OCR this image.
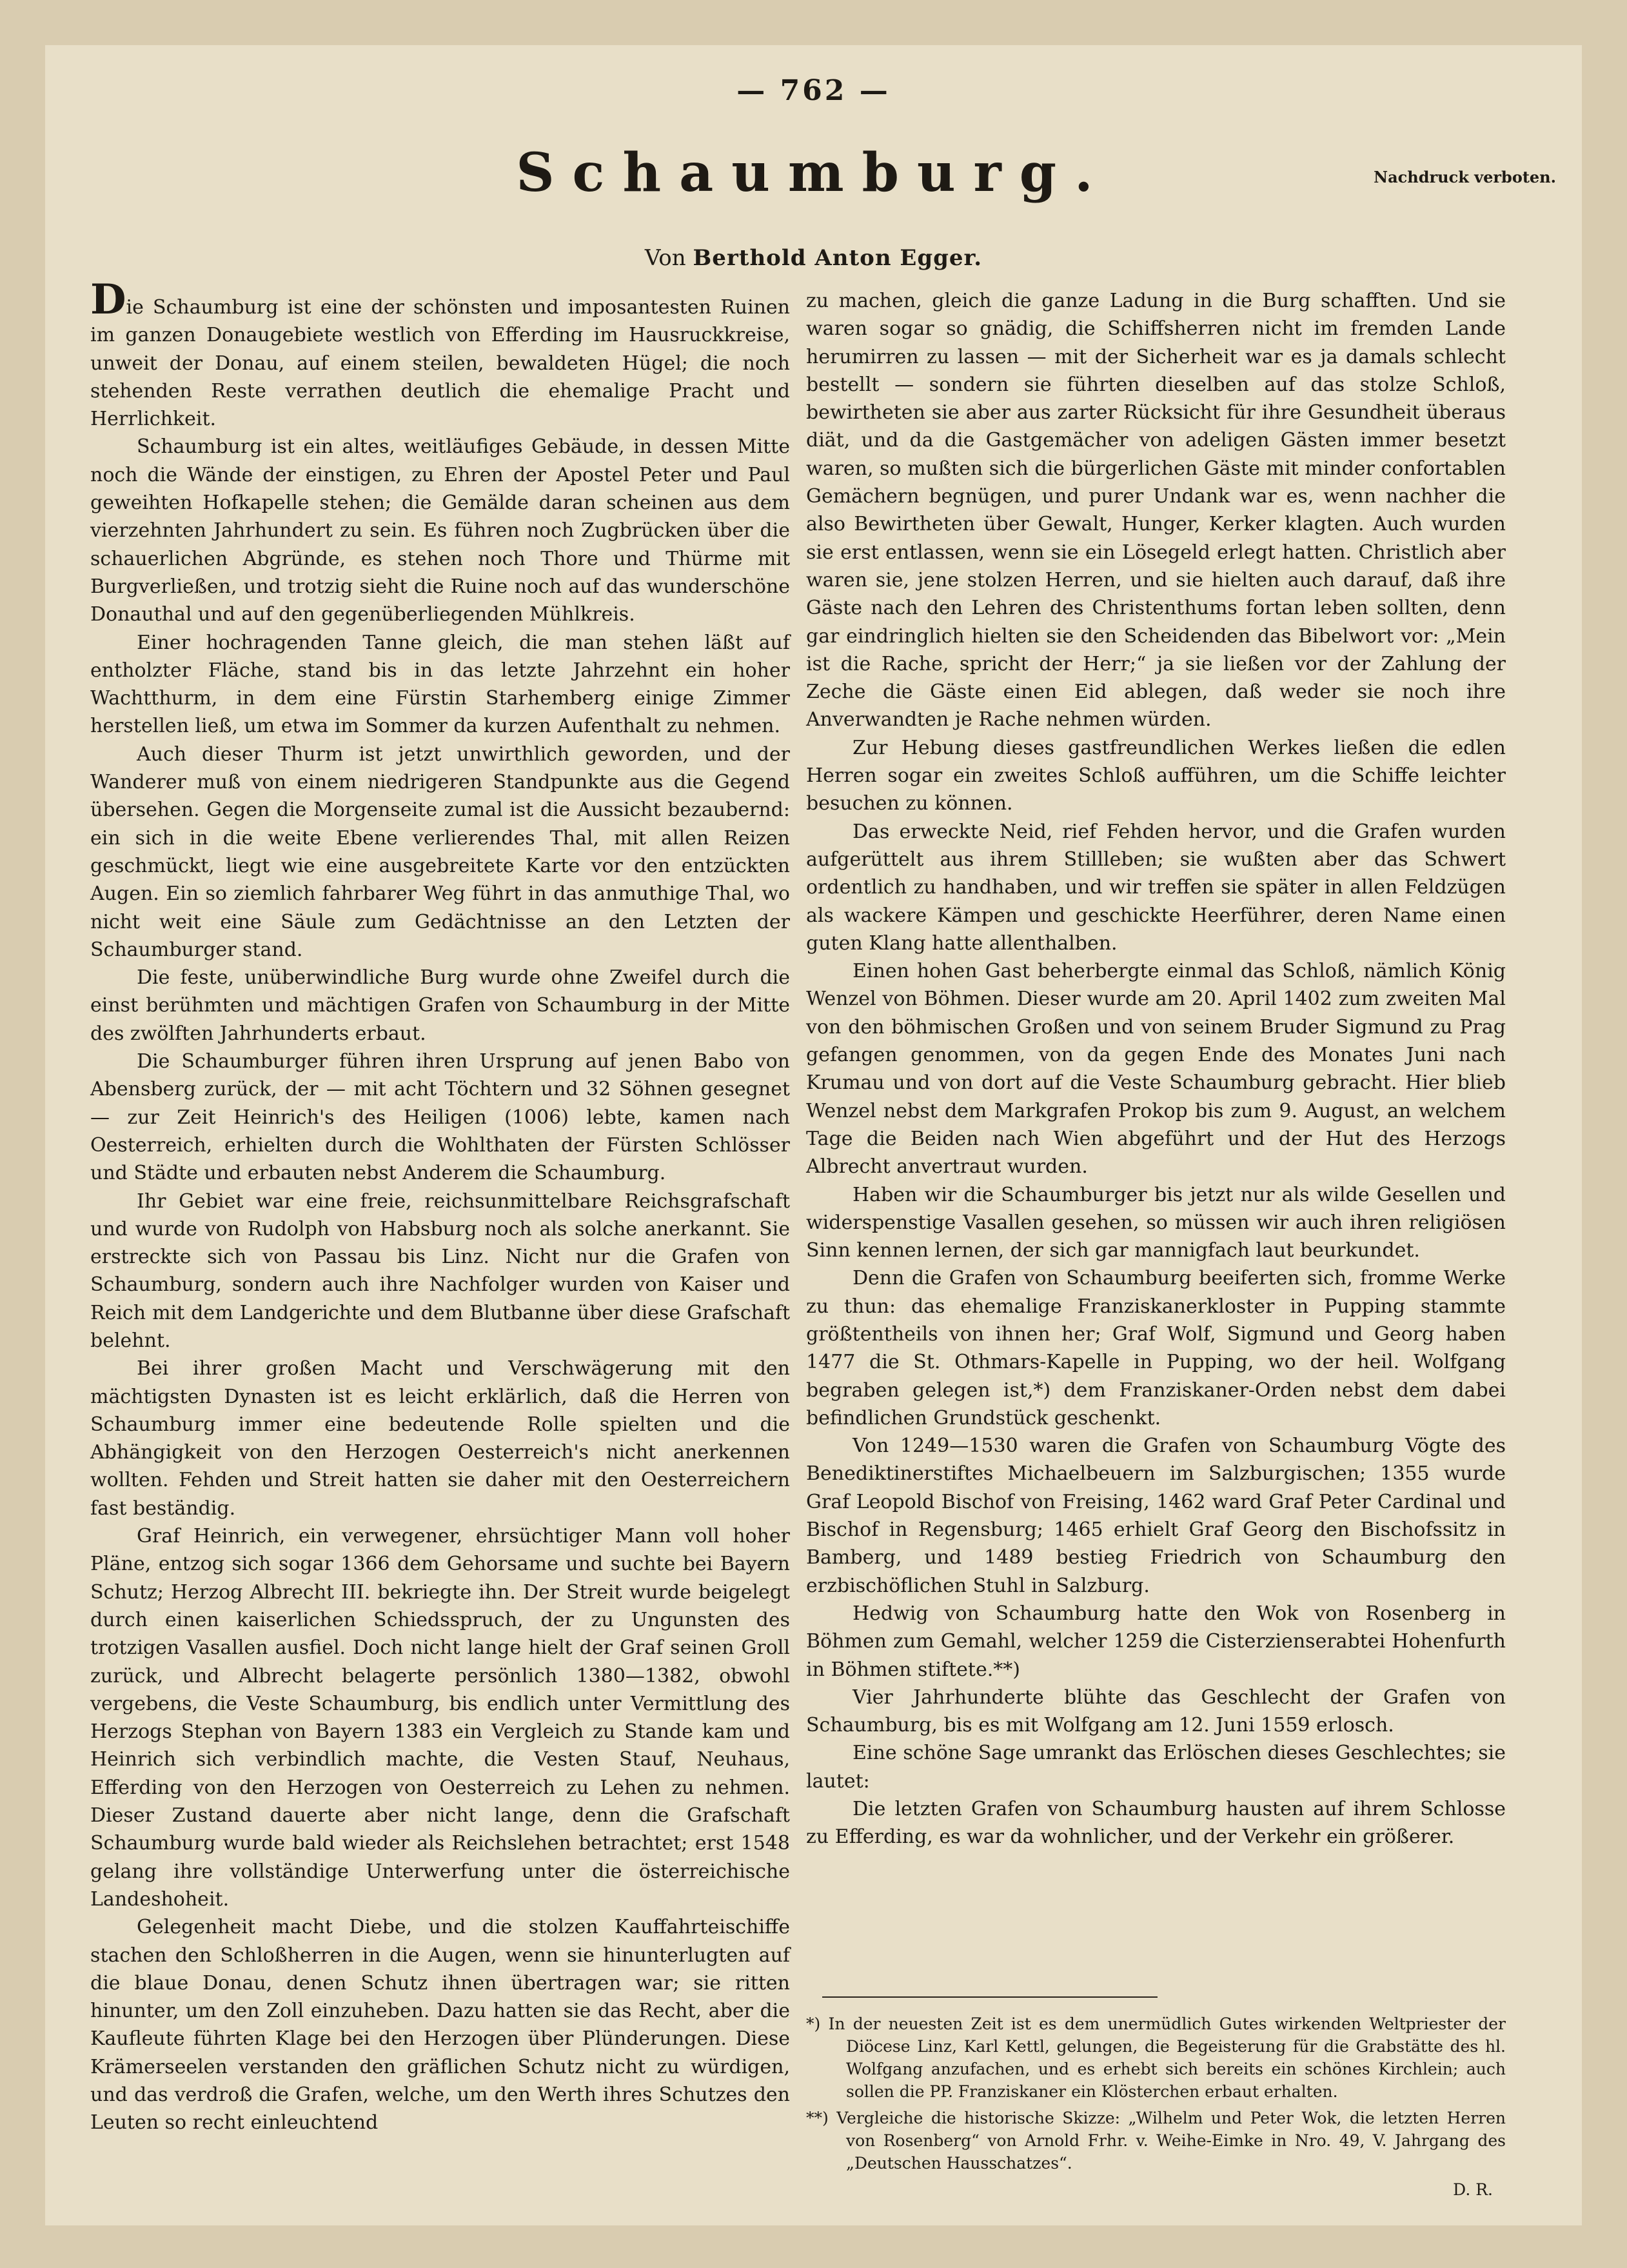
— 762 —
Schaumburg.	Nachdruck verboten.
Von Berthold Anton Egger.

Die Schaumburg ist eine der schönsten und imposantesten Ruinen im ganzen Donaugebiete westlich von Efferding im Hausruckkreise, unweit der Donau, auf einem steilen, bewaldeten Hügel; die noch stehenden Reste verrathen deutlich die ehemalige Pracht und Herrlichkeit.

Schaumburg ist ein altes, weitläufiges Gebäude, in dessen Mitte noch die Wände der einstigen, zu Ehren der Apostel Peter und Paul geweihten Hofkapelle stehen; die Gemälde daran scheinen aus dem vierzehnten Jahrhundert zu sein. Es führen noch Zugbrücken über die schauerlichen Abgründe, es stehen noch Thore und Thürme mit Burgverließen, und trotzig sieht die Ruine noch auf das wunderschöne Donauthal und auf den gegenüberliegenden Mühlkreis.

Einer hochragenden Tanne gleich, die man stehen läßt auf entholzter Fläche, stand bis in das letzte Jahrzehnt ein hoher Wachtthurm, in dem eine Fürstin Starhemberg einige Zimmer herstellen ließ, um etwa im Sommer da kurzen Aufenthalt zu nehmen.

Auch dieser Thurm ist jetzt unwirthlich geworden, und der Wanderer muß von einem niedrigeren Standpunkte aus die Gegend übersehen. Gegen die Morgenseite zumal ist die Aussicht bezaubernd: ein sich in die weite Ebene verlierendes Thal, mit allen Reizen geschmückt, liegt wie eine ausgebreitete Karte vor den entzückten Augen. Ein so ziemlich fahrbarer Weg führt in das anmuthige Thal, wo nicht weit eine Säule zum Gedächtnisse an den Letzten der Schaumburger stand.

Die feste, unüberwindliche Burg wurde ohne Zweifel durch die einst berühmten und mächtigen Grafen von Schaumburg in der Mitte des zwölften Jahrhunderts erbaut.

Die Schaumburger führen ihren Ursprung auf jenen Babo von Abensberg zurück, der — mit acht Töchtern und 32 Söhnen gesegnet — zur Zeit Heinrich's des Heiligen (1006) lebte, kamen nach Oesterreich, erhielten durch die Wohlthaten der Fürsten Schlösser und Städte und erbauten nebst Anderem die Schaumburg.

Ihr Gebiet war eine freie, reichsunmittelbare Reichsgrafschaft und wurde von Rudolph von Habsburg noch als solche anerkannt. Sie erstreckte sich von Passau bis Linz. Nicht nur die Grafen von Schaumburg, sondern auch ihre Nachfolger wurden von Kaiser und Reich mit dem Landgerichte und dem Blutbanne über diese Grafschaft belehnt.

Bei ihrer großen Macht und Verschwägerung mit den mächtigsten Dynasten ist es leicht erklärlich, daß die Herren von Schaumburg immer eine bedeutende Rolle spielten und die Abhängigkeit von den Herzogen Oesterreich's nicht anerkennen wollten. Fehden und Streit hatten sie daher mit den Oesterreichern fast beständig.

Graf Heinrich, ein verwegener, ehrsüchtiger Mann voll hoher Pläne, entzog sich sogar 1366 dem Gehorsame und suchte bei Bayern Schutz; Herzog Albrecht III. bekriegte ihn. Der Streit wurde beigelegt durch einen kaiserlichen Schiedsspruch, der zu Ungunsten des trotzigen Vasallen ausfiel. Doch nicht lange hielt der Graf seinen Groll zurück, und Albrecht belagerte persönlich 1380—1382, obwohl vergebens, die Veste Schaumburg, bis endlich unter Vermittlung des Herzogs Stephan von Bayern 1383 ein Vergleich zu Stande kam und Heinrich sich verbindlich machte, die Vesten Stauf, Neuhaus, Efferding von den Herzogen von Oesterreich zu Lehen zu nehmen. Dieser Zustand dauerte aber nicht lange, denn die Grafschaft Schaumburg wurde bald wieder als Reichslehen betrachtet; erst 1548 gelang ihre vollständige Unterwerfung unter die österreichische Landeshoheit.

Gelegenheit macht Diebe, und die stolzen Kauffahrteischiffe stachen den Schloßherren in die Augen, wenn sie hinunterlugten auf die blaue Donau, denen Schutz ihnen übertragen war; sie ritten hinunter, um den Zoll einzuheben. Dazu hatten sie das Recht, aber die Kaufleute führten Klage bei den Herzogen über Plünderungen. Diese Krämerseelen verstanden den gräflichen Schutz nicht zu würdigen, und das verdroß die Grafen, welche, um den Werth ihres Schutzes den Leuten so recht einleuchtend

zu machen, gleich die ganze Ladung in die Burg schafften. Und sie waren sogar so gnädig, die Schiffsherren nicht im fremden Lande herumirren zu lassen — mit der Sicherheit war es ja damals schlecht bestellt — sondern sie führten dieselben auf das stolze Schloß, bewirtheten sie aber aus zarter Rücksicht für ihre Gesundheit überaus diät, und da die Gastgemächer von adeligen Gästen immer besetzt waren, so mußten sich die bürgerlichen Gäste mit minder confortablen Gemächern begnügen, und purer Undank war es, wenn nachher die also Bewirtheten über Gewalt, Hunger, Kerker klagten. Auch wurden sie erst entlassen, wenn sie ein Lösegeld erlegt hatten. Christlich aber waren sie, jene stolzen Herren, und sie hielten auch darauf, daß ihre Gäste nach den Lehren des Christenthums fortan leben sollten, denn gar eindringlich hielten sie den Scheidenden das Bibelwort vor: „Mein ist die Rache, spricht der Herr;“ ja sie ließen vor der Zahlung der Zeche die Gäste einen Eid ablegen, daß weder sie noch ihre Anverwandten je Rache nehmen würden.

Zur Hebung dieses gastfreundlichen Werkes ließen die edlen Herren sogar ein zweites Schloß aufführen, um die Schiffe leichter besuchen zu können.

Das erweckte Neid, rief Fehden hervor, und die Grafen wurden aufgerüttelt aus ihrem Stillleben; sie wußten aber das Schwert ordentlich zu handhaben, und wir treffen sie später in allen Feldzügen als wackere Kämpen und geschickte Heerführer, deren Name einen guten Klang hatte allenthalben.

Einen hohen Gast beherbergte einmal das Schloß, nämlich König Wenzel von Böhmen. Dieser wurde am 20. April 1402 zum zweiten Mal von den böhmischen Großen und von seinem Bruder Sigmund zu Prag gefangen genommen, von da gegen Ende des Monates Juni nach Krumau und von dort auf die Veste Schaumburg gebracht. Hier blieb Wenzel nebst dem Markgrafen Prokop bis zum 9. August, an welchem Tage die Beiden nach Wien abgeführt und der Hut des Herzogs Albrecht anvertraut wurden.

Haben wir die Schaumburger bis jetzt nur als wilde Gesellen und widerspenstige Vasallen gesehen, so müssen wir auch ihren religiösen Sinn kennen lernen, der sich gar mannigfach laut beurkundet.

Denn die Grafen von Schaumburg beeiferten sich, fromme Werke zu thun: das ehemalige Franziskanerkloster in Pupping stammte größtentheils von ihnen her; Graf Wolf, Sigmund und Georg haben 1477 die St. Othmars-Kapelle in Pupping, wo der heil. Wolfgang begraben gelegen ist,*) dem Franziskaner-Orden nebst dem dabei befindlichen Grundstück geschenkt.

Von 1249—1530 waren die Grafen von Schaumburg Vögte des Benediktinerstiftes Michaelbeuern im Salzburgischen; 1355 wurde Graf Leopold Bischof von Freising, 1462 ward Graf Peter Cardinal und Bischof in Regensburg; 1465 erhielt Graf Georg den Bischofssitz in Bamberg, und 1489 bestieg Friedrich von Schaumburg den erzbischöflichen Stuhl in Salzburg.

Hedwig von Schaumburg hatte den Wok von Rosenberg in Böhmen zum Gemahl, welcher 1259 die Cisterzienserabtei Hohenfurth in Böhmen stiftete.**)

Vier Jahrhunderte blühte das Geschlecht der Grafen von Schaumburg, bis es mit Wolfgang am 12. Juni 1559 erlosch.

Eine schöne Sage umrankt das Erlöschen dieses Geschlechtes; sie lautet:

Die letzten Grafen von Schaumburg hausten auf ihrem Schlosse zu Efferding, es war da wohnlicher, und der Verkehr ein größerer.

*) In der neuesten Zeit ist es dem unermüdlich Gutes wirkenden Weltpriester der Diöcese Linz, Karl Kettl, gelungen, die Begeisterung für die Grabstätte des hl. Wolfgang anzufachen, und es erhebt sich bereits ein schönes Kirchlein; auch sollen die PP. Franziskaner ein Klösterchen erbaut erhalten.

**) Vergleiche die historische Skizze: „Wilhelm und Peter Wok, die letzten Herren von Rosenberg“ von Arnold Frhr. v. Weihe-Eimke in Nro. 49, V. Jahrgang des „Deutschen Hausschatzes“.

D. R.
